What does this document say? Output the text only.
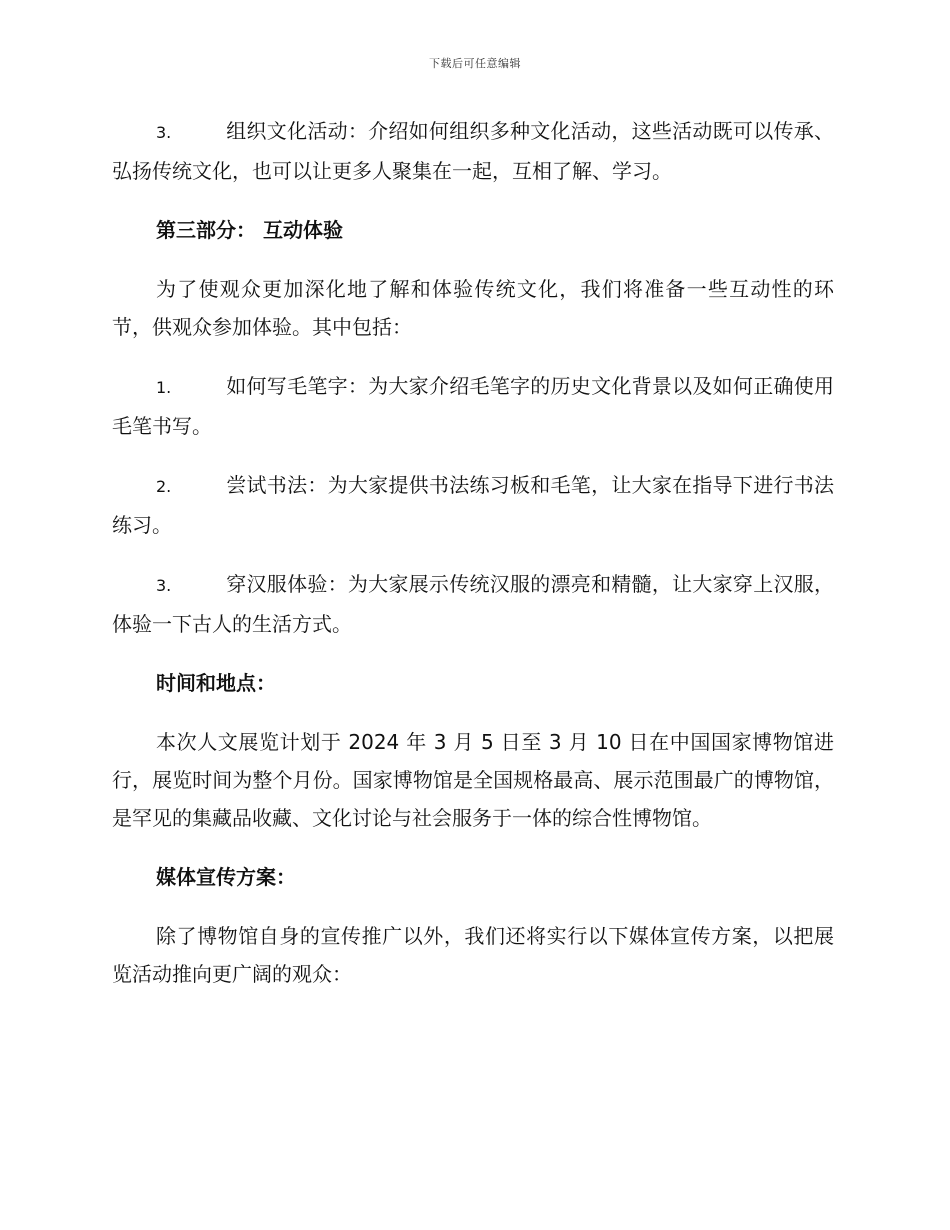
下载后可任意编辑

3.	组织文化活动：介绍如何组织多种文化活动，这些活动既可以传承、弘扬传统文化，也可以让更多人聚集在一起，互相了解、学习。

第三部分： 互动体验

为了使观众更加深化地了解和体验传统文化，我们将准备一些互动性的环节，供观众参加体验。其中包括：

1.	如何写毛笔字：为大家介绍毛笔字的历史文化背景以及如何正确使用毛笔书写。

2.	尝试书法：为大家提供书法练习板和毛笔，让大家在指导下进行书法练习。

3.	穿汉服体验：为大家展示传统汉服的漂亮和精髓，让大家穿上汉服，体验一下古人的生活方式。

时间和地点：

本次人文展览计划于 2024 年 3 月 5 日至 3 月 10 日在中国国家博物馆进行，展览时间为整个月份。国家博物馆是全国规格最高、展示范围最广的博物馆，是罕见的集藏品收藏、文化讨论与社会服务于一体的综合性博物馆。

媒体宣传方案：

除了博物馆自身的宣传推广以外，我们还将实行以下媒体宣传方案，以把展览活动推向更广阔的观众：
